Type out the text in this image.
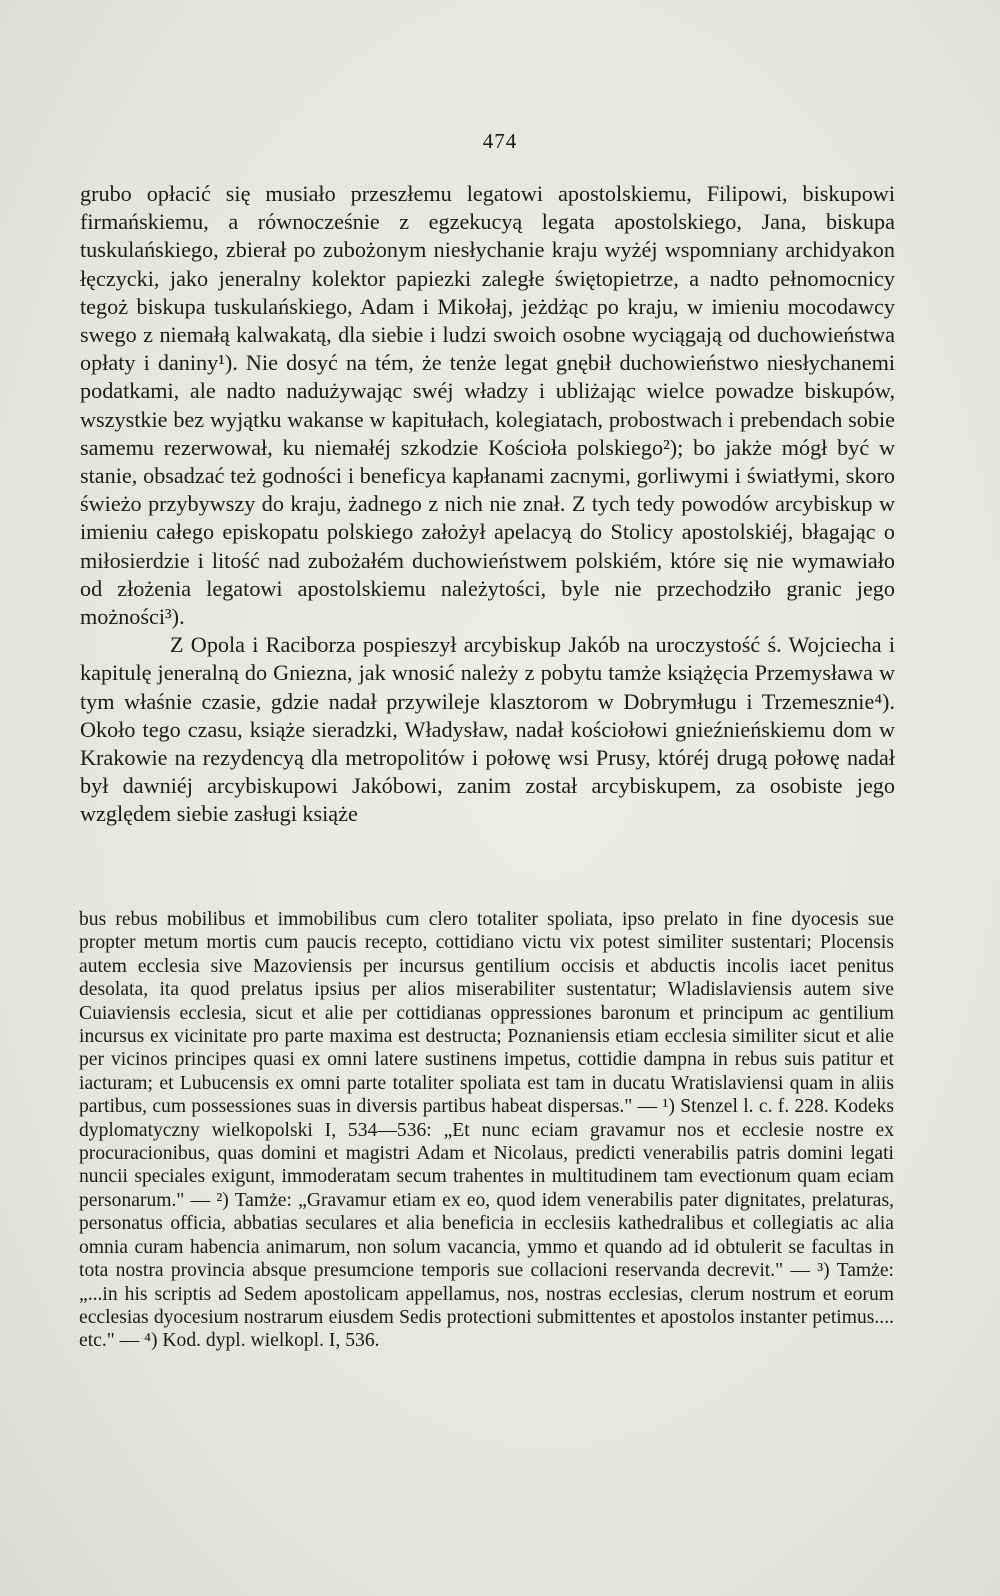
474

grubo opłacić się musiało przeszłemu legatowi apostolskiemu, Filipowi, biskupowi firmańskiemu, a równocześnie z egzekucyą legata apostolskiego, Jana, biskupa tuskulańskiego, zbierał po zubożonym niesłychanie kraju wyżéj wspomniany archidyakon łęczycki, jako jeneralny kolektor papiezki zaległe świętopietrze, a nadto pełnomocnicy tegoż biskupa tuskulańskiego, Adam i Mikołaj, jeżdżąc po kraju, w imieniu mocodawcy swego z niemałą kalwakatą, dla siebie i ludzi swoich osobne wyciągają od duchowieństwa opłaty i daniny¹). Nie dosyć na tém, że tenże legat gnębił duchowieństwo niesłychanemi podatkami, ale nadto nadużywając swéj władzy i ubliżając wielce powadze biskupów, wszystkie bez wyjątku wakanse w kapitułach, kolegiatach, probostwach i prebendach sobie samemu rezerwował, ku niemałéj szkodzie Kościoła polskiego²); bo jakże mógł być w stanie, obsadzać też godności i beneficya kapłanami zacnymi, gorliwymi i światłymi, skoro świeżo przybywszy do kraju, żadnego z nich nie znał. Z tych tedy powodów arcybiskup w imieniu całego episkopatu polskiego założył apelacyą do Stolicy apostolskiéj, błagając o miłosierdzie i litość nad zubożałém duchowieństwem polskiém, które się nie wymawiało od złożenia legatowi apostolskiemu należytości, byle nie przechodziło granic jego możności³).

Z Opola i Raciborza pospieszył arcybiskup Jakób na uroczystość ś. Wojciecha i kapitulę jeneralną do Gniezna, jak wnosić należy z pobytu tamże książęcia Przemysława w tym właśnie czasie, gdzie nadał przywileje klasztorom w Dobrymługu i Trzemesznie⁴). Około tego czasu, książe sieradzki, Władysław, nadał kościołowi gnieźnieńskiemu dom w Krakowie na rezydencyą dla metropolitów i połowę wsi Prusy, któréj drugą połowę nadał był dawniéj arcybiskupowi Jakóbowi, zanim został arcybiskupem, za osobiste jego względem siebie zasługi książe

bus rebus mobilibus et immobilibus cum clero totaliter spoliata, ipso prelato in fine dyocesis sue propter metum mortis cum paucis recepto, cottidiano victu vix potest similiter sustentari; Plocensis autem ecclesia sive Mazoviensis per incursus gentilium occisis et abductis incolis iacet penitus desolata, ita quod prelatus ipsius per alios miserabiliter sustentatur; Wladislaviensis autem sive Cuiaviensis ecclesia, sicut et alie per cottidianas oppressiones baronum et principum ac gentilium incursus ex vicinitate pro parte maxima est destructa; Poznaniensis etiam ecclesia similiter sicut et alie per vicinos principes quasi ex omni latere sustinens impetus, cottidie dampna in rebus suis patitur et iacturam; et Lubucensis ex omni parte totaliter spoliata est tam in ducatu Wratislaviensi quam in aliis partibus, cum possessiones suas in diversis partibus habeat dispersas." — ¹) Stenzel l. c. f. 228. Kodeks dyplomatyczny wielkopolski I, 534—536: „Et nunc eciam gravamur nos et ecclesie nostre ex procuracionibus, quas domini et magistri Adam et Nicolaus, predicti venerabilis patris domini legati nuncii speciales exigunt, immoderatam secum trahentes in multitudinem tam evectionum quam eciam personarum." — ²) Tamże: „Gravamur etiam ex eo, quod idem venerabilis pater dignitates, prelaturas, personatus officia, abbatias seculares et alia beneficia in ecclesiis kathedralibus et collegiatis ac alia omnia curam habencia animarum, non solum vacancia, ymmo et quando ad id obtulerit se facultas in tota nostra provincia absque presumcione temporis sue collacioni reservanda decrevit." — ³) Tamże: „...in his scriptis ad Sedem apostolicam appellamus, nos, nostras ecclesias, clerum nostrum et eorum ecclesias dyocesium nostrarum eiusdem Sedis protectioni submittentes et apostolos instanter petimus.... etc." — ⁴) Kod. dypl. wielkopl. I, 536.
